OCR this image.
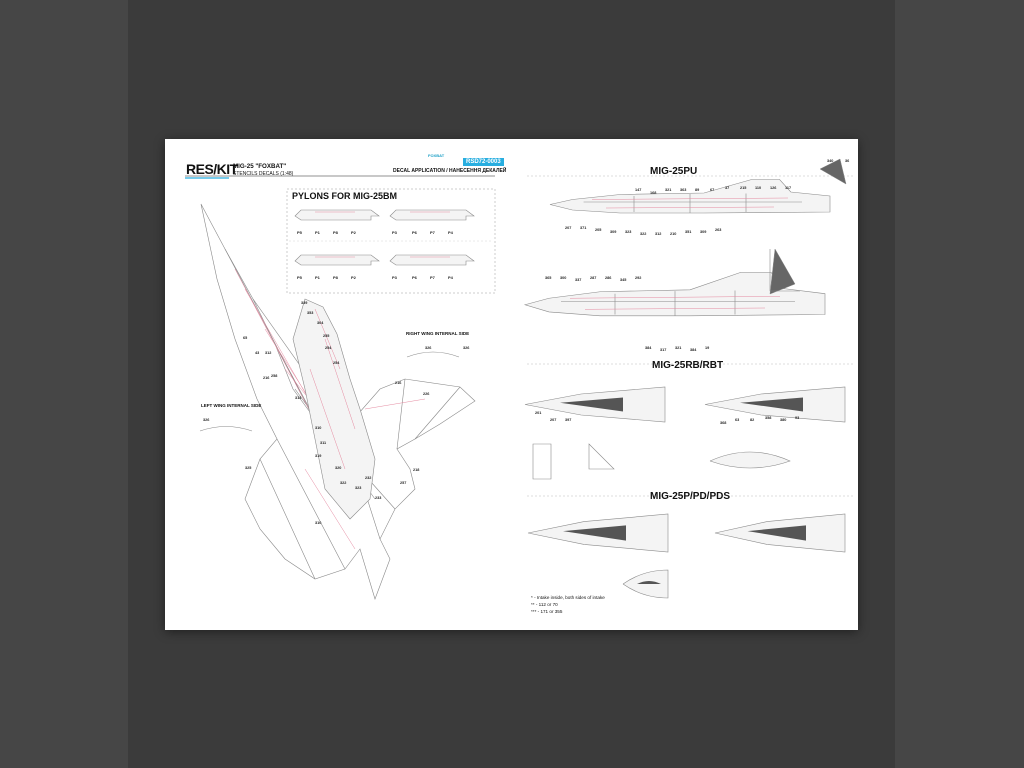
P5	P1	P8	P2	P3	P6	P7	P4
P5	P1	P8	P2	P3	P6	P7	P4
326	326
326
339
353
304
312
255
254
254
258
313
310
311
319
320
322
323
232
233
257
218
216
216
226
325
310
65
43
340	36
147
168
321 363 89	67	37	215 110 126 117
207 371 205 309 323 322 312 210 351 309 263
365 300 337 287 286 345 292
384 317 321 384 19
201
207 397
368
63	82	358 380 93

RES/KIT

MIG-25 "FOXBAT"

STENCILS DECALS (1:48)

FOXBAT

RSD72-0003

DECAL APPLICATION / НАНЕСЕННЯ ДЕКАЛЕЙ

PYLONS FOR MIG-25BM

RIGHT WING INTERNAL SIDE

LEFT WING INTERNAL SIDE

MIG-25PU

MIG-25RB/RBT

MIG-25P/PD/PDS

* - Intake inside, both sides of intake

** - 112 or 70

*** - 171 or 355
